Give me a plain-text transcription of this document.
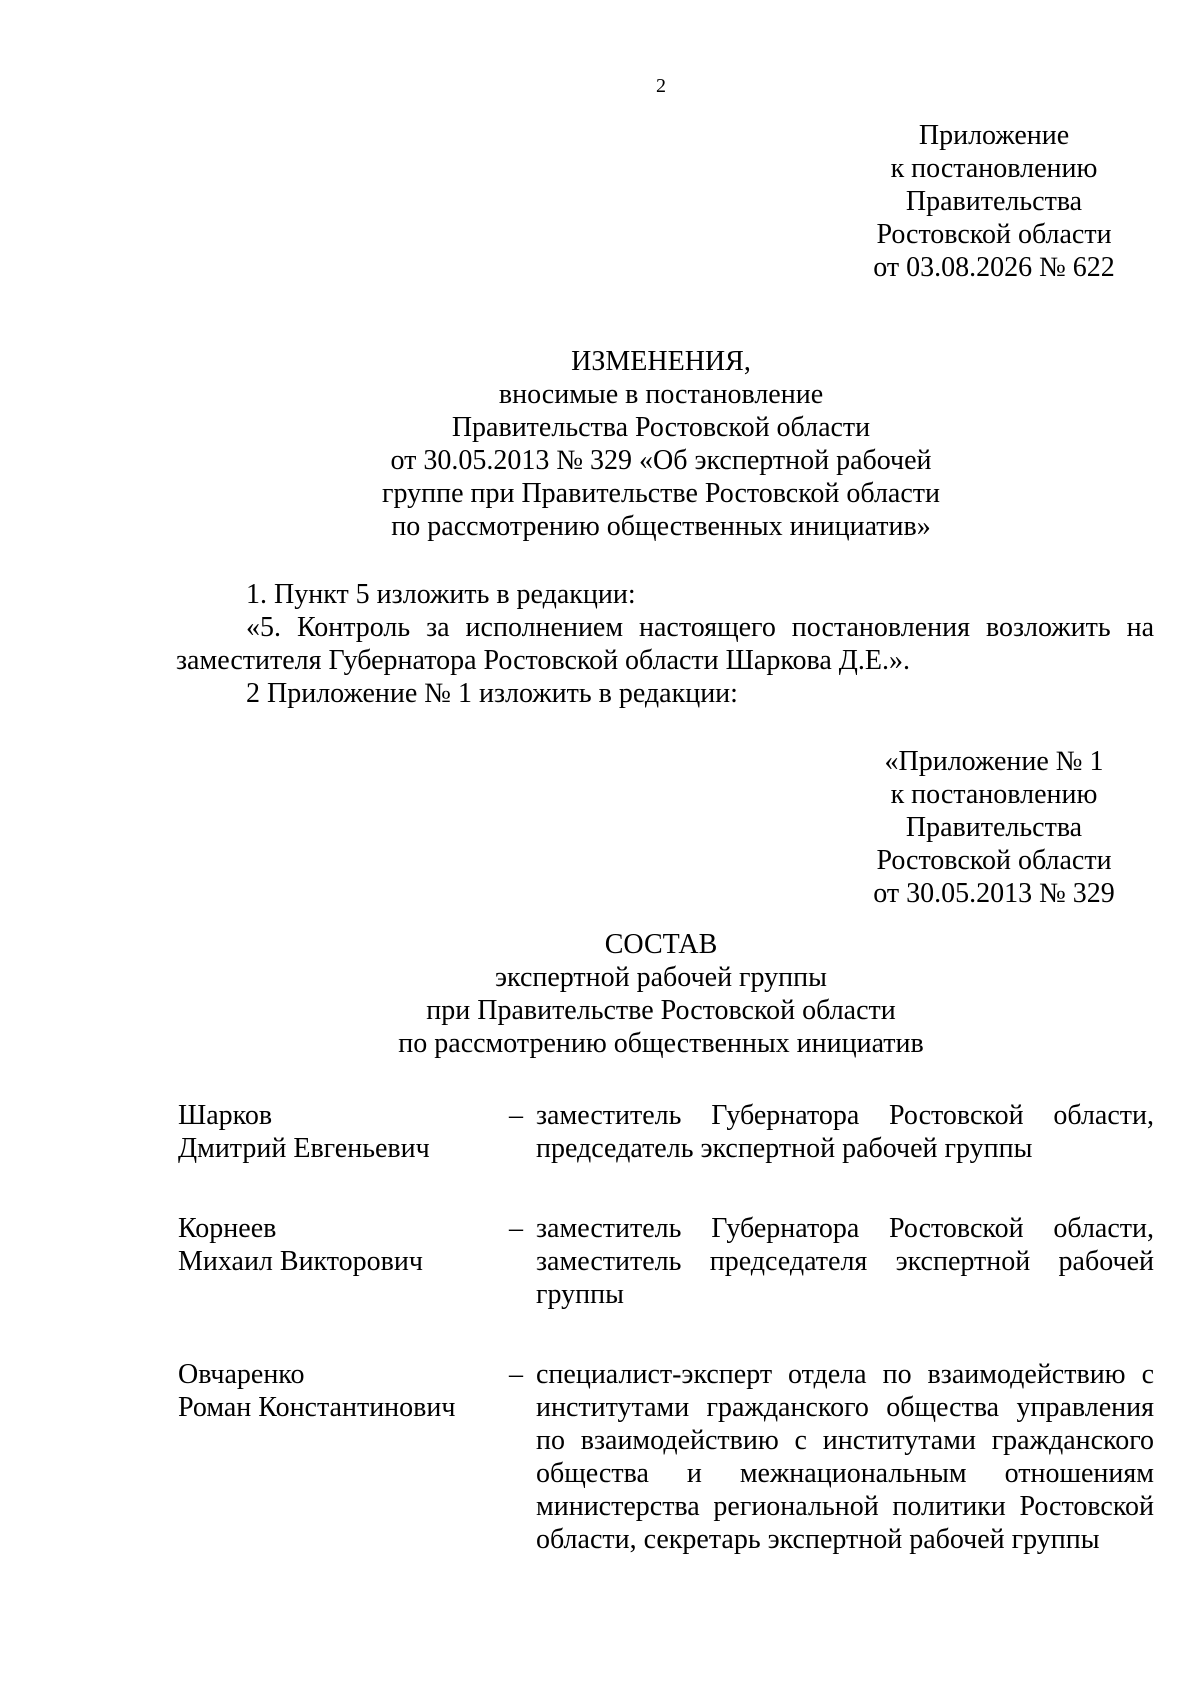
2
Приложение
к постановлению
Правительства
Ростовской области
от 03.08.2026 № 622
ИЗМЕНЕНИЯ,
вносимые в постановление
Правительства Ростовской области
от 30.05.2013 № 329 «Об экспертной рабочей
группе при Правительстве Ростовской области
по рассмотрению общественных инициатив»

1. Пункт 5 изложить в редакции:

«5. Контроль за исполнением настоящего постановления возложить на заместителя Губернатора Ростовской области Шаркова Д.Е.».

2 Приложение № 1 изложить в редакции:

«Приложение № 1
к постановлению
Правительства
Ростовской области
от 30.05.2013 № 329
СОСТАВ
экспертной рабочей группы
при Правительстве Ростовской области
по рассмотрению общественных инициатив
Шарков
Дмитрий Евгеньевич
– заместитель Губернатора Ростовской области, председатель экспертной рабочей группы
Корнеев
Михаил Викторович
– заместитель Губернатора Ростовской области, заместитель председателя экспертной рабочей группы
Овчаренко
Роман Константинович
– специалист-эксперт отдела по взаимодействию с институтами гражданского общества управления по взаимодействию с институтами гражданского общества и межнациональным отношениям министерства региональной политики Ростовской области, секретарь экспертной рабочей группы
